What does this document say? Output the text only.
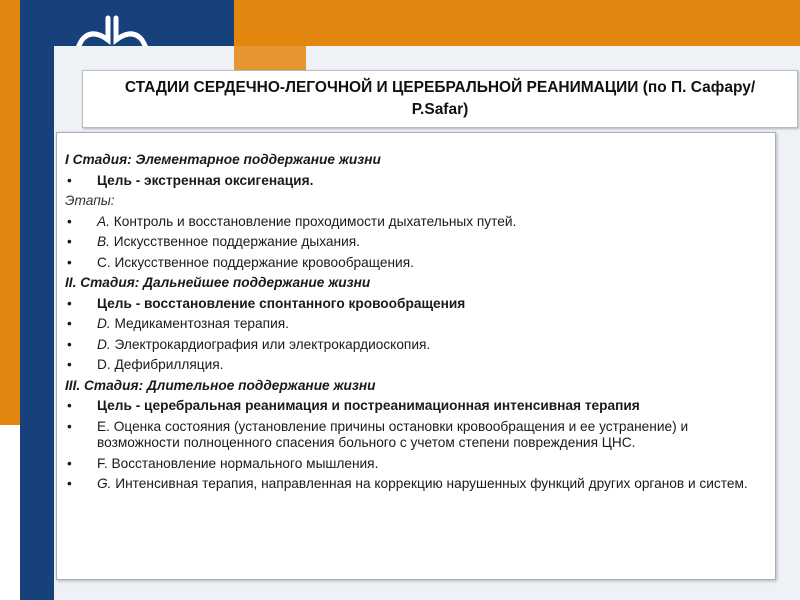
С
СТАДИИ СЕРДЕЧНО-ЛЕГОЧНОЙ И ЦЕРЕБРАЛЬНОЙ РЕАНИМАЦИИ (по П. Сафару/ P.Safar)
I Стадия: Элементарное поддержание жизни
•	Цель - экстренная оксигенация.
Этапы:
•	А. Контроль и восстановление проходимости дыхательных путей.
•	В. Искусственное поддержание дыхания.
•	С. Искусственное поддержание кровообращения.
II. Стадия: Дальнейшее поддержание жизни
•	Цель - восстановление спонтанного кровообращения
•	D. Медикаментозная терапия.
•	D. Электрокардиография или электрокардиоскопия.
•	D. Дефибрилляция.
III. Стадия: Длительное поддержание жизни
•	Цель - церебральная реанимация и постреанимационная интенсивная терапия
•	Е. Оценка состояния (установление причины остановки кровообращения и ее устранение) и возможности полноценного спасения больного с учетом степени повреждения ЦНС.
•	F. Восстановление нормального мышления.
•	G. Интенсивная терапия, направленная на коррекцию нарушенных функций других органов и систем.
